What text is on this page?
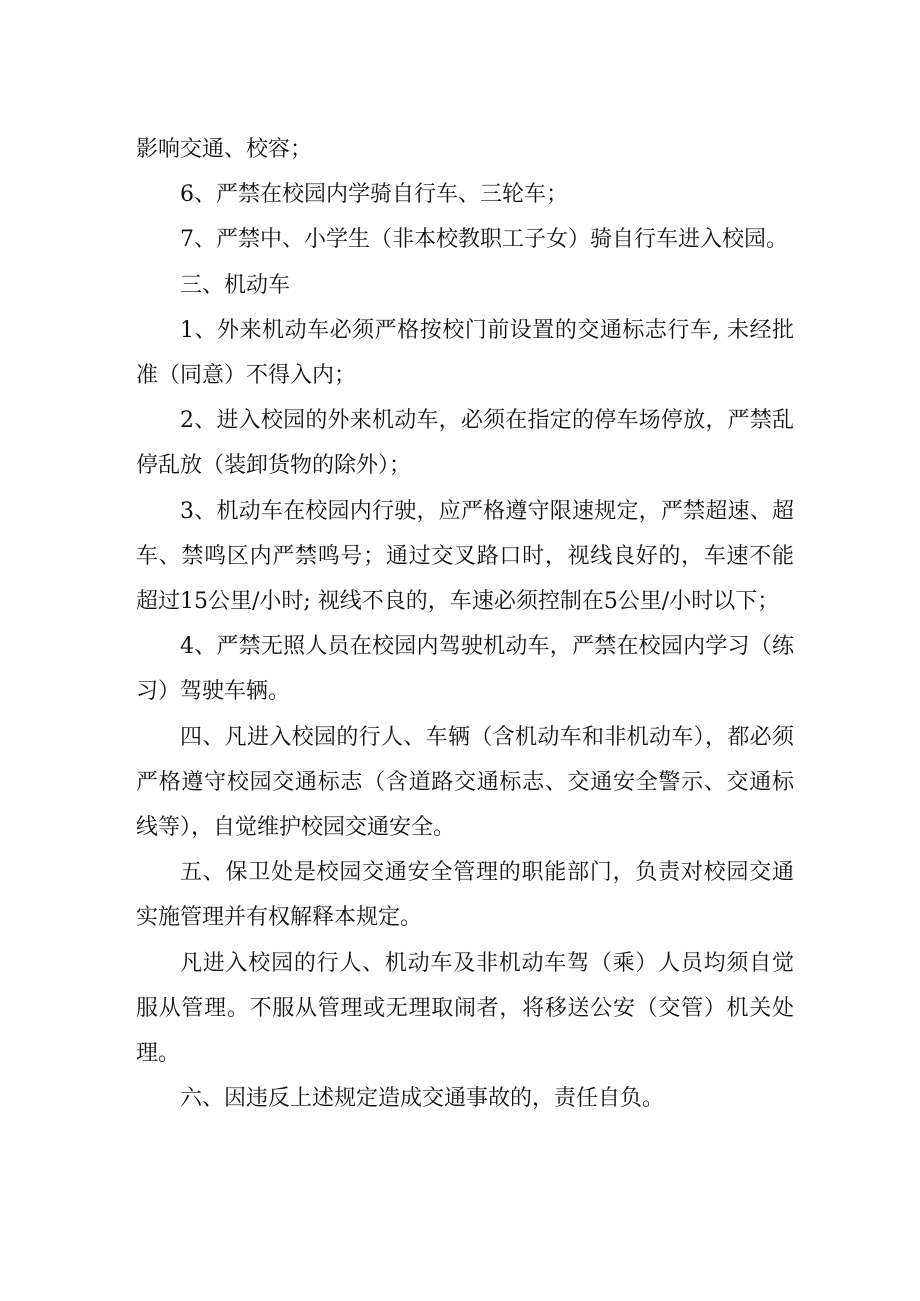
影响交通、校容；

6、严禁在校园内学骑自行车、三轮车；

7、严禁中、小学生（非本校教职工子女）骑自行车进入校园。

三、机动车

1、外来机动车必须严格按校门前设置的交通标志行车, 未经批准（同意）不得入内；

2、进入校园的外来机动车，必须在指定的停车场停放，严禁乱停乱放（装卸货物的除外）；

3、机动车在校园内行驶，应严格遵守限速规定，严禁超速、超车、禁鸣区内严禁鸣号；通过交叉路口时，视线良好的，车速不能超过15公里/小时; 视线不良的，车速必须控制在5公里/小时以下；

4、严禁无照人员在校园内驾驶机动车，严禁在校园内学习（练习）驾驶车辆。

四、凡进入校园的行人、车辆（含机动车和非机动车），都必须严格遵守校园交通标志（含道路交通标志、交通安全警示、交通标线等），自觉维护校园交通安全。

五、保卫处是校园交通安全管理的职能部门，负责对校园交通实施管理并有权解释本规定。

凡进入校园的行人、机动车及非机动车驾（乘）人员均须自觉服从管理。不服从管理或无理取闹者，将移送公安（交管）机关处理。

六、因违反上述规定造成交通事故的，责任自负。
